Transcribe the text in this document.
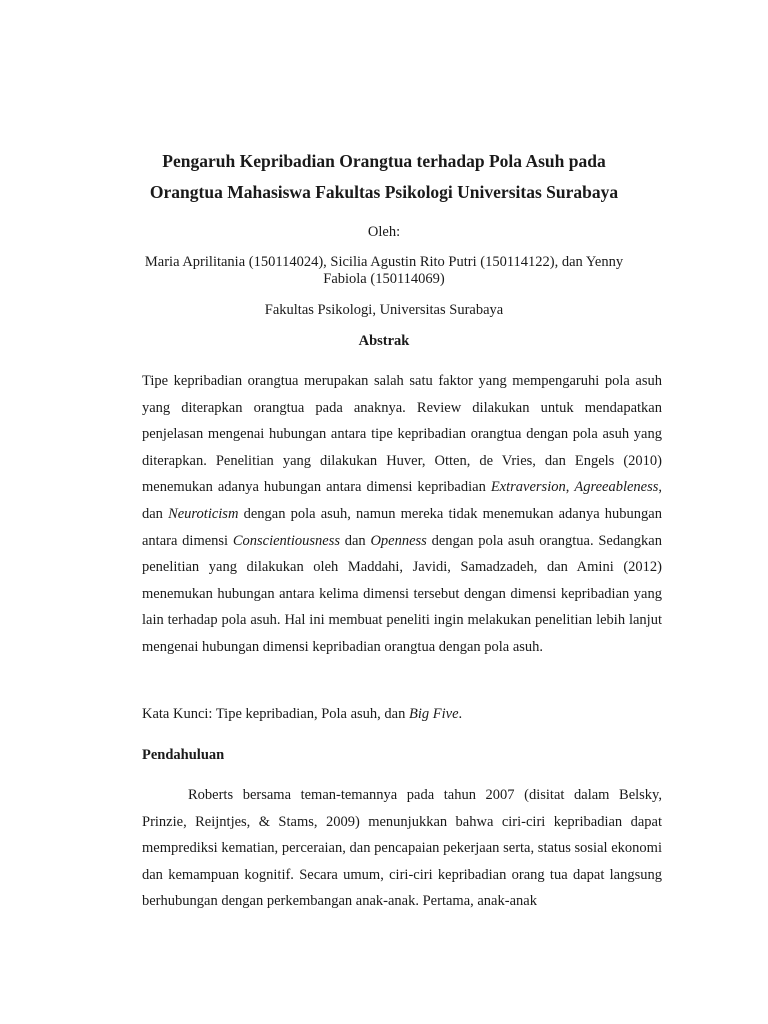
Pengaruh Kepribadian Orangtua terhadap Pola Asuh pada
Orangtua Mahasiswa Fakultas Psikologi Universitas Surabaya
Oleh:
Maria Aprilitania (150114024), Sicilia Agustin Rito Putri (150114122), dan Yenny
Fabiola (150114069)
Fakultas Psikologi, Universitas Surabaya
Abstrak

Tipe kepribadian orangtua merupakan salah satu faktor yang mempengaruhi pola asuh yang diterapkan orangtua pada anaknya. Review dilakukan untuk mendapatkan penjelasan mengenai hubungan antara tipe kepribadian orangtua dengan pola asuh yang diterapkan. Penelitian yang dilakukan Huver, Otten, de Vries, dan Engels (2010) menemukan adanya hubungan antara dimensi kepribadian Extraversion, Agreeableness, dan Neuroticism dengan pola asuh, namun mereka tidak menemukan adanya hubungan antara dimensi Conscientiousness dan Openness dengan pola asuh orangtua. Sedangkan penelitian yang dilakukan oleh Maddahi, Javidi, Samadzadeh, dan Amini (2012) menemukan hubungan antara kelima dimensi tersebut dengan dimensi kepribadian yang lain terhadap pola asuh. Hal ini membuat peneliti ingin melakukan penelitian lebih lanjut mengenai hubungan dimensi kepribadian orangtua dengan pola asuh.

Kata Kunci: Tipe kepribadian, Pola asuh, dan Big Five.
Pendahuluan

Roberts bersama teman-temannya pada tahun 2007 (disitat dalam Belsky, Prinzie, Reijntjes, & Stams, 2009) menunjukkan bahwa ciri-ciri kepribadian dapat memprediksi kematian, perceraian, dan pencapaian pekerjaan serta, status sosial ekonomi dan kemampuan kognitif. Secara umum, ciri-ciri kepribadian orang tua dapat langsung berhubungan dengan perkembangan anak-anak. Pertama, anak-anak
